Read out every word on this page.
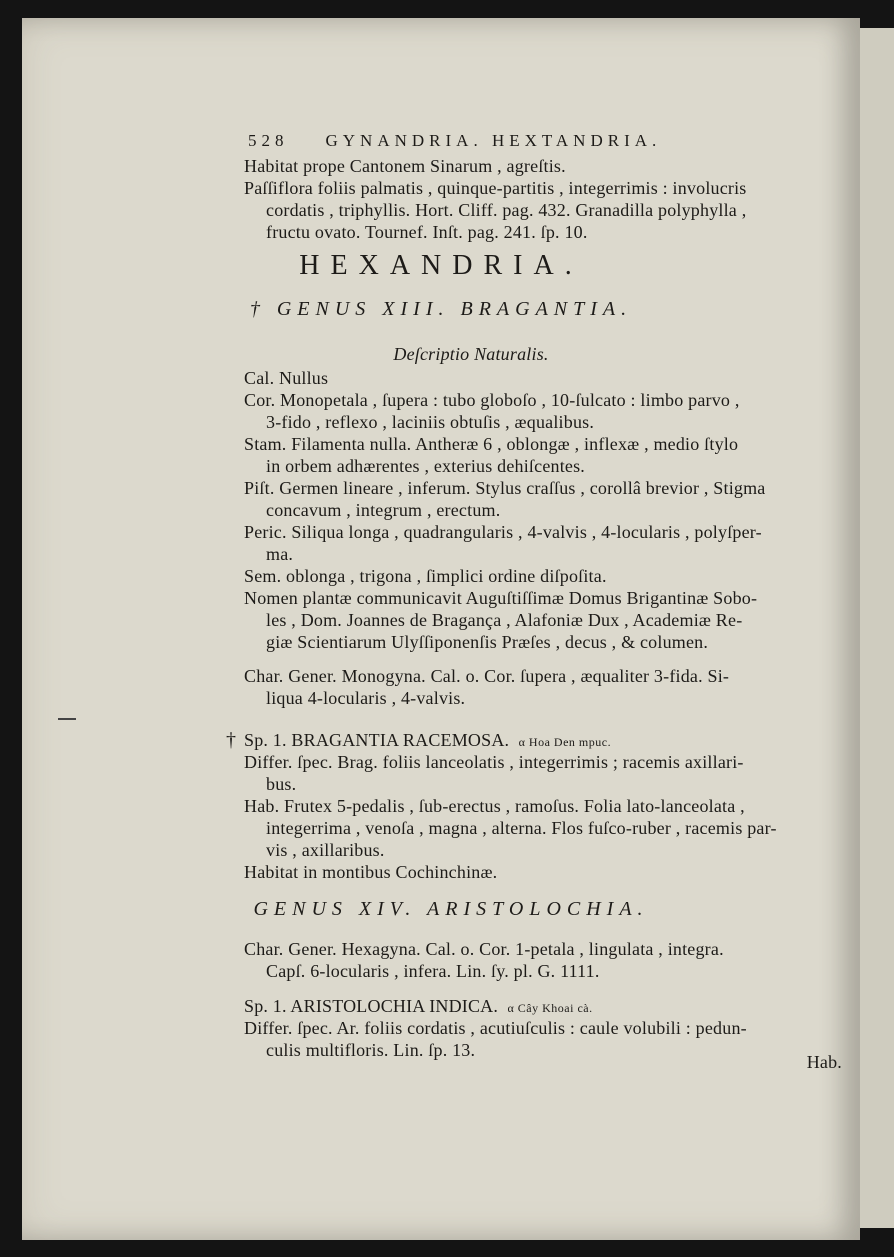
528 GYNANDRIA. HEXTANDRIA.
Habitat prope Cantonem Sinarum , agreſtis.
Paſſiflora foliis palmatis , quinque-partitis , integerrimis : involucris
cordatis , triphyllis. Hort. Cliff. pag. 432. Granadilla polyphylla ,
fructu ovato. Tournef. Inſt. pag. 241. ſp. 10.
HEXANDRIA.
† GENUS XIII. BRAGANTIA.
Deſcriptio Naturalis.
Cal. Nullus
Cor. Monopetala , ſupera : tubo globoſo , 10-ſulcato : limbo parvo ,
3-fido , reflexo , laciniis obtuſis , æqualibus.
Stam. Filamenta nulla. Antheræ 6 , oblongæ , inflexæ , medio ſtylo
in orbem adhærentes , exterius dehiſcentes.
Piſt. Germen lineare , inferum. Stylus craſſus , corollâ brevior , Stigma
concavum , integrum , erectum.
Peric. Siliqua longa , quadrangularis , 4-valvis , 4-locularis , polyſper-
ma.
Sem. oblonga , trigona , ſimplici ordine diſpoſita.
Nomen plantæ communicavit Auguſtiſſimæ Domus Brigantinæ Sobo-
les , Dom. Joannes de Bragança , Alafoniæ Dux , Academiæ Re-
giæ Scientiarum Ulyſſiponenſis Præſes , decus , & columen.
Char. Gener. Monogyna. Cal. o. Cor. ſupera , æqualiter 3-fida. Si-
liqua 4-locularis , 4-valvis.
† Sp. 1. BRAGANTIA RACEMOSA. α Hoa Den mpuc.
Differ. ſpec. Brag. foliis lanceolatis , integerrimis ; racemis axillari-
bus.
Hab. Frutex 5-pedalis , ſub-erectus , ramoſus. Folia lato-lanceolata ,
integerrima , venoſa , magna , alterna. Flos fuſco-ruber , racemis par-
vis , axillaribus.
Habitat in montibus Cochinchinæ.
GENUS XIV. ARISTOLOCHIA.
Char. Gener. Hexagyna. Cal. o. Cor. 1-petala , lingulata , integra.
Capſ. 6-locularis , infera. Lin. ſy. pl. G. 1111.
Sp. 1. ARISTOLOCHIA INDICA. α Cây Khoai cà.
Differ. ſpec. Ar. foliis cordatis , acutiuſculis : caule volubili : pedun-
culis multifloris. Lin. ſp. 13.
Hab.
